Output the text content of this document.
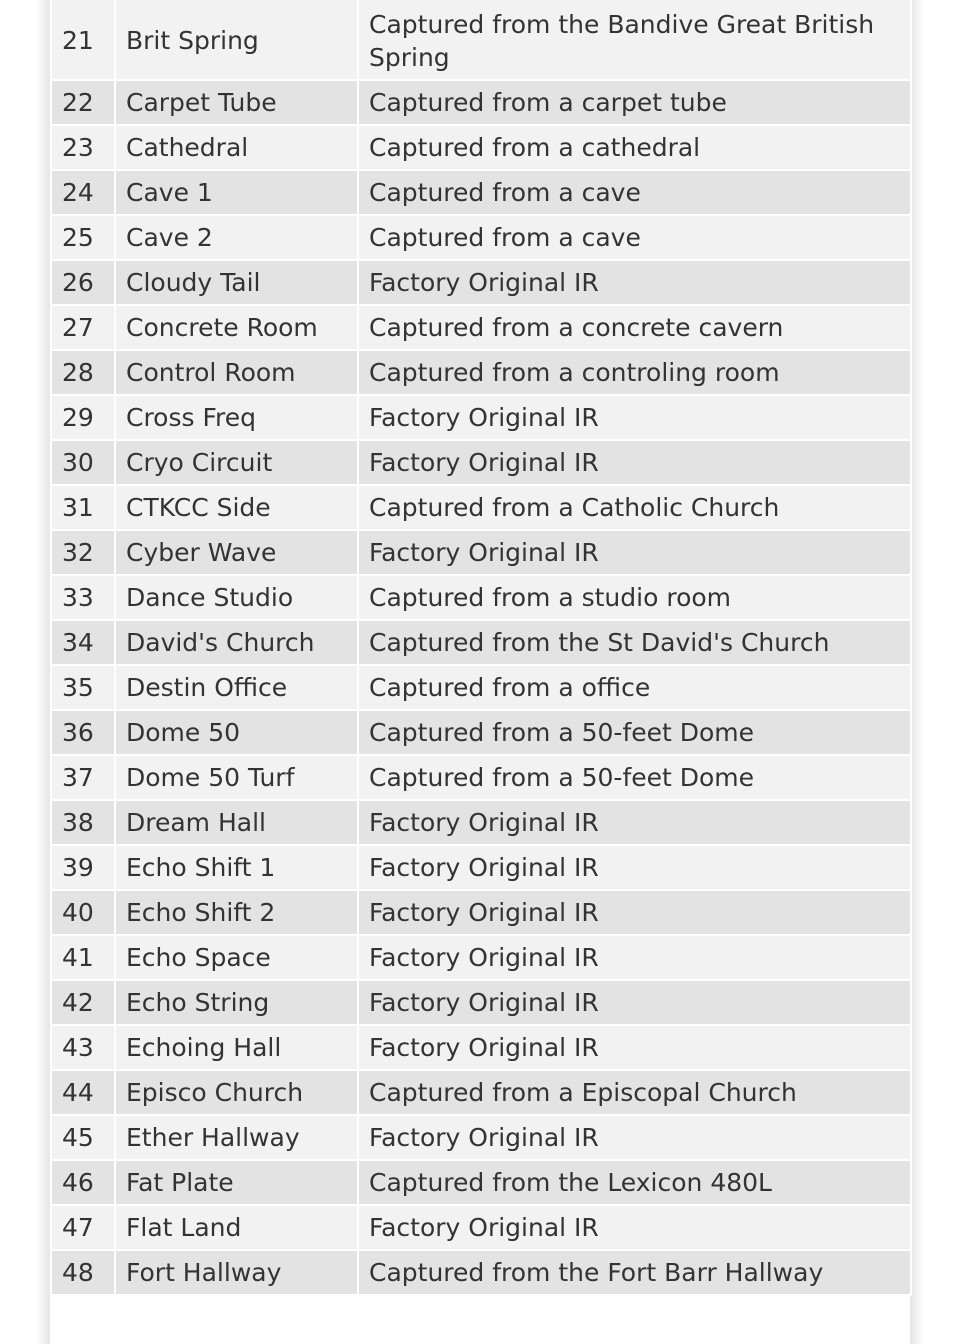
21	Brit Spring	Captured from the Bandive Great British Spring
22	Carpet Tube	Captured from a carpet tube
23	Cathedral	Captured from a cathedral
24	Cave 1	Captured from a cave
25	Cave 2	Captured from a cave
26	Cloudy Tail	Factory Original IR
27	Concrete Room	Captured from a concrete cavern
28	Control Room	Captured from a controling room
29	Cross Freq	Factory Original IR
30	Cryo Circuit	Factory Original IR
31	CTKCC Side	Captured from a Catholic Church
32	Cyber Wave	Factory Original IR
33	Dance Studio	Captured from a studio room
34	David's Church	Captured from the St David's Church
35	Destin Office	Captured from a office
36	Dome 50	Captured from a 50-feet Dome
37	Dome 50 Turf	Captured from a 50-feet Dome
38	Dream Hall	Factory Original IR
39	Echo Shift 1	Factory Original IR
40	Echo Shift 2	Factory Original IR
41	Echo Space	Factory Original IR
42	Echo String	Factory Original IR
43	Echoing Hall	Factory Original IR
44	Episco Church	Captured from a Episcopal Church
45	Ether Hallway	Factory Original IR
46	Fat Plate	Captured from the Lexicon 480L
47	Flat Land	Factory Original IR
48	Fort Hallway	Captured from the Fort Barr Hallway
